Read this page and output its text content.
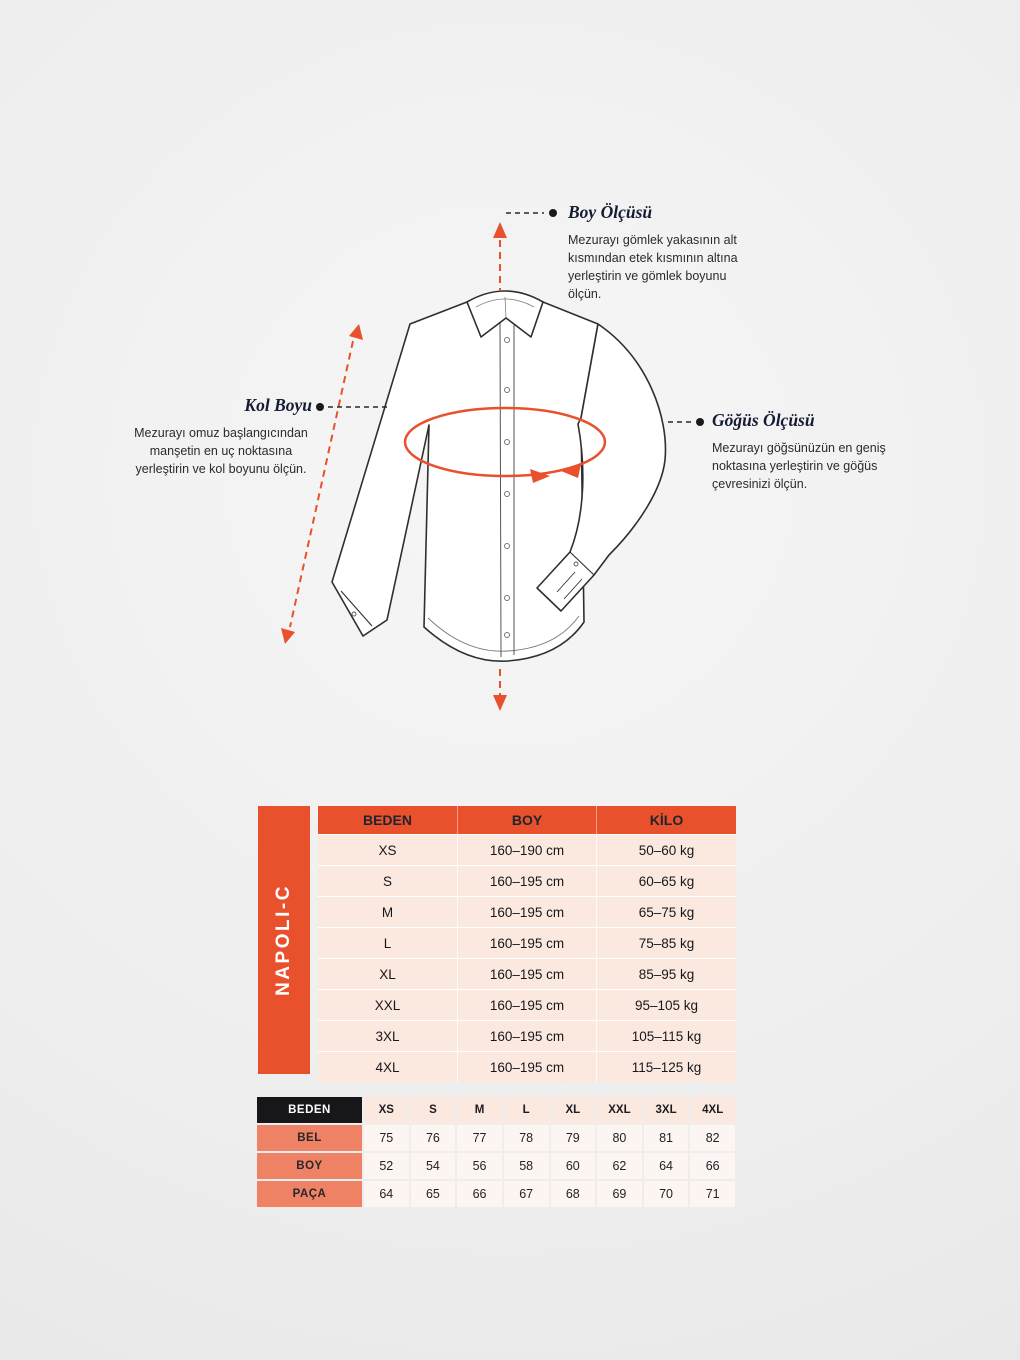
Boy Ölçüsü
Mezurayı gömlek yakasının alt kısmından etek kısmının altına yerleştirin ve gömlek boyunu ölçün.
Kol Boyu
Mezurayı omuz başlangıcından manşetin en uç noktasına yerleştirin ve kol boyunu ölçün.
Göğüs Ölçüsü
Mezurayı göğsünüzün en geniş noktasına yerleştirin ve göğüs çevresinizi ölçün.
NAPOLI-C
BEDEN	BOY	KİLO
XS	160–190 cm	50–60 kg
S	160–195 cm	60–65 kg
M	160–195 cm	65–75 kg
L	160–195 cm	75–85 kg
XL	160–195 cm	85–95 kg
XXL	160–195 cm	95–105 kg
3XL	160–195 cm	105–115 kg
4XL	160–195 cm	115–125 kg
BEDEN	XS	S	M	L	XL	XXL	3XL	4XL
BEL	75	76	77	78	79	80	81	82
BOY	52	54	56	58	60	62	64	66
PAÇA	64	65	66	67	68	69	70	71
